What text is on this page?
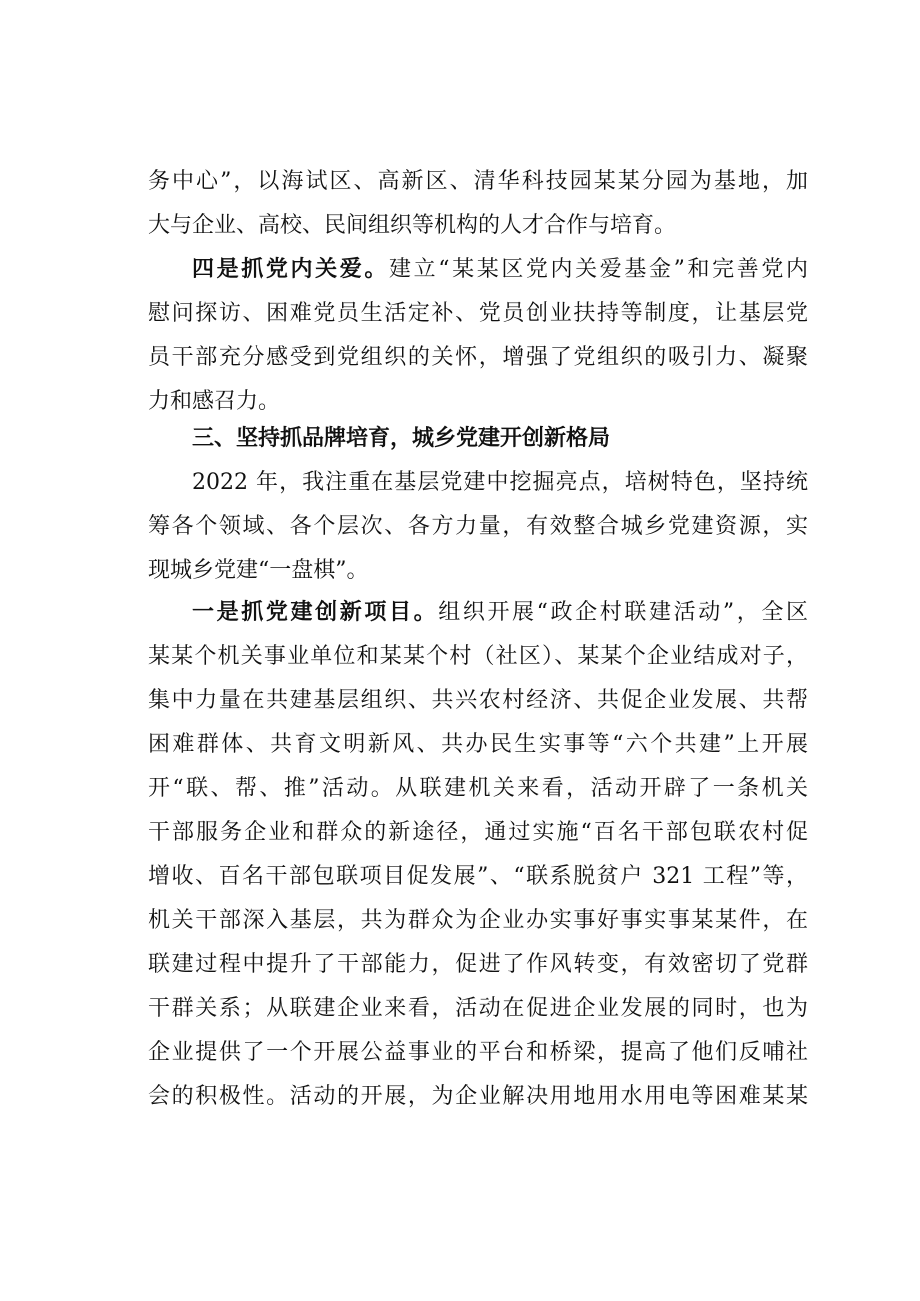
务中心”，以海试区、高新区、清华科技园某某分园为基地，加
大与企业、高校、民间组织等机构的人才合作与培育。
四是抓党内关爱。建立“某某区党内关爱基金”和完善党内
慰问探访、困难党员生活定补、党员创业扶持等制度，让基层党
员干部充分感受到党组织的关怀，增强了党组织的吸引力、凝聚
力和感召力。
三、坚持抓品牌培育，城乡党建开创新格局
2022 年，我注重在基层党建中挖掘亮点，培树特色，坚持统
筹各个领域、各个层次、各方力量，有效整合城乡党建资源，实
现城乡党建“一盘棋”。
一是抓党建创新项目。组织开展“政企村联建活动”，全区
某某个机关事业单位和某某个村（社区）、某某个企业结成对子，
集中力量在共建基层组织、共兴农村经济、共促企业发展、共帮
困难群体、共育文明新风、共办民生实事等“六个共建”上开展
开“联、帮、推”活动。从联建机关来看，活动开辟了一条机关
干部服务企业和群众的新途径，通过实施“百名干部包联农村促
增收、百名干部包联项目促发展”、“联系脱贫户 321 工程”等，
机关干部深入基层，共为群众为企业办实事好事实事某某件，在
联建过程中提升了干部能力，促进了作风转变，有效密切了党群
干群关系；从联建企业来看，活动在促进企业发展的同时，也为
企业提供了一个开展公益事业的平台和桥梁，提高了他们反哺社
会的积极性。活动的开展，为企业解决用地用水用电等困难某某
